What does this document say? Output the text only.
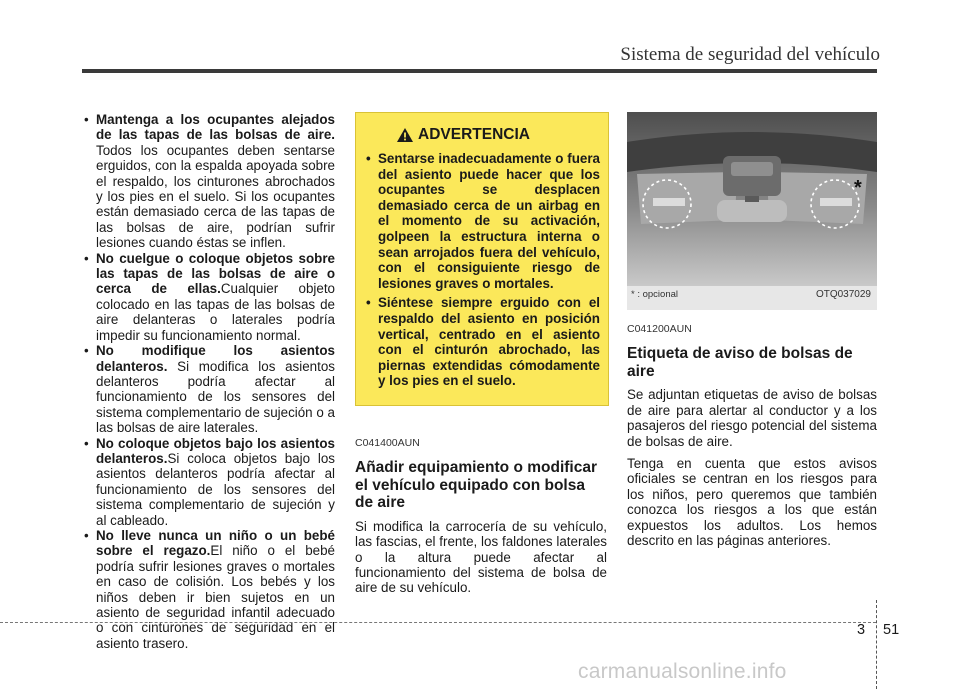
Sistema de seguridad del vehículo
• Mantenga a los ocupantes alejados de las tapas de las bolsas de aire. Todos los ocupantes deben sentarse erguidos, con la espalda apoyada sobre el respaldo, los cinturones abrochados y los pies en el suelo. Si los ocupantes están demasiado cerca de las tapas de las bolsas de aire, podrían sufrir lesiones cuando éstas se inflen.
• No cuelgue o coloque objetos sobre las tapas de las bolsas de aire o cerca de ellas.Cualquier objeto colocado en las tapas de las bolsas de aire delanteras o laterales podría impedir su funcionamiento normal.
• No modifique los asientos delanteros. Si modifica los asientos delanteros podría afectar al funcionamiento de los sensores del sistema complementario de sujeción o a las bolsas de aire laterales.
• No coloque objetos bajo los asientos delanteros.Si coloca objetos bajo los asientos delanteros podría afectar al funcionamiento de los sensores del sistema complementario de sujeción y al cableado.
• No lleve nunca un niño o un bebé sobre el regazo.El niño o el bebé podría sufrir lesiones graves o mortales en caso de colisión. Los bebés y los niños deben ir bien sujetos en un asiento de seguridad infantil adecuado o con cinturones de seguridad en el asiento trasero.
ADVERTENCIA
• Sentarse inadecuadamente o fuera del asiento puede hacer que los ocupantes se desplacen demasiado cerca de un airbag en el momento de su activación, golpeen la estructura interna o sean arrojados fuera del vehículo, con el consiguiente riesgo de lesiones graves o mortales.
• Siéntese siempre erguido con el respaldo del asiento en posición vertical, centrado en el asiento con el cinturón abrochado, las piernas extendidas cómodamente y los pies en el suelo.
C041400AUN
Añadir equipamiento o modificar el vehículo equipado con bolsa de aire

Si modifica la carrocería de su vehículo, las fascias, el frente, los faldones laterales o la altura puede afectar al funcionamiento del sistema de bolsa de aire de su vehículo.

*
* : opcional	OTQ037029
C041200AUN
Etiqueta de aviso de bolsas de aire

Se adjuntan etiquetas de aviso de bolsas de aire para alertar al conductor y a los pasajeros del riesgo potencial del sistema de bolsas de aire.

Tenga en cuenta que estos avisos oficiales se centran en los riesgos para los niños, pero queremos que también conozca los riesgos a los que están expuestos los adultos. Los hemos descrito en las páginas anteriores.

3 51
carmanualsonline.info
